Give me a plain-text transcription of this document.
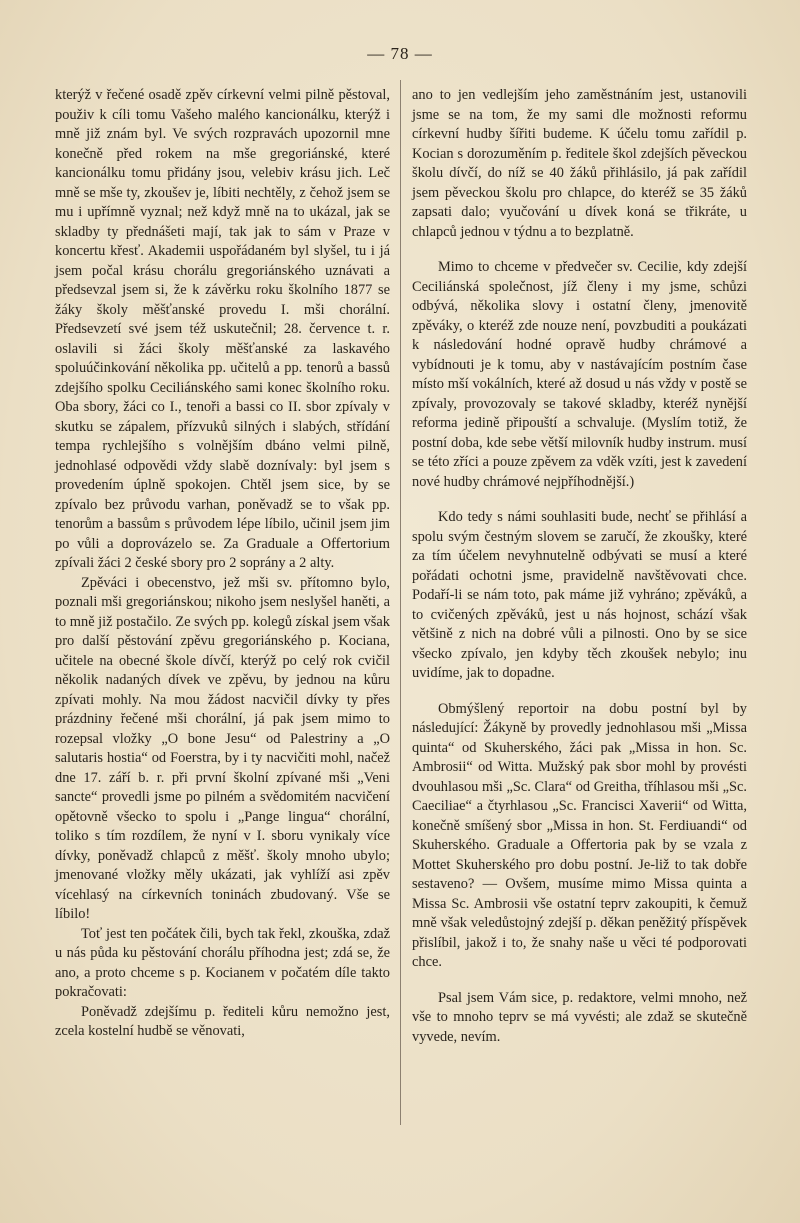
— 78 —

kterýž v řečené osadě zpěv církevní velmi pilně pěstoval, použiv k cíli tomu Vašeho malého kancionálku, kterýž i mně již znám byl. Ve svých rozpravách upozornil mne konečně před rokem na mše gregoriánské, které kancionálku tomu přidány jsou, velebiv krásu jich. Leč mně se mše ty, zkoušev je, líbiti nechtěly, z čehož jsem se mu i upřímně vyznal; než když mně na to ukázal, jak se skladby ty přednášeti mají, tak jak to sám v Praze v koncertu křesť. Akademii uspořádaném byl slyšel, tu i já jsem počal krásu chorálu gregoriánského uznávati a předsevzal jsem si, že k závěrku roku školního 1877 se žáky školy měšťanské provedu I. mši chorální. Předsevzetí své jsem též uskutečnil; 28. července t. r. oslavili si žáci školy měšťanské za laskavého spoluúčinkování několika pp. učitelů a pp. tenorů a bassů zdejšího spolku Ceciliánského sami konec školního roku. Oba sbory, žáci co I., tenoři a bassi co II. sbor zpívaly v skutku se zápalem, přízvuků silných i slabých, střídání tempa rychlejšího s volnějším dbáno velmi pilně, jednohlasé odpovědi vždy slabě doznívaly: byl jsem s provedením úplně spokojen. Chtěl jsem sice, by se zpívalo bez průvodu varhan, poněvadž se to však pp. tenorům a bassům s průvodem lépe líbilo, učinil jsem jim po vůli a doprovázelo se. Za Graduale a Offertorium zpívali žáci 2 české sbory pro 2 soprány a 2 alty.

Zpěváci i obecenstvo, jež mši sv. přítomno bylo, poznali mši gregoriánskou; nikoho jsem neslyšel haněti, a to mně již postačilo. Ze svých pp. kolegů získal jsem však pro další pěstování zpěvu gregoriánského p. Kociana, učitele na obecné škole dívčí, kterýž po celý rok cvičil několik nadaných dívek ve zpěvu, by jednou na kůru zpívati mohly. Na mou žádost nacvičil dívky ty přes prázdniny řečené mši chorální, já pak jsem mimo to rozepsal vložky „O bone Jesu“ od Palestriny a „O salutaris hostia“ od Foerstra, by i ty nacvičiti mohl, načež dne 17. září b. r. při první školní zpívané mši „Veni sancte“ provedli jsme po pilném a svědomitém nacvičení opětovně všecko to spolu i „Pange lingua“ chorální, toliko s tím rozdílem, že nyní v I. sboru vynikaly více dívky, poněvadž chlapců z měšť. školy mnoho ubylo; jmenované vložky měly ukázati, jak vyhlíží asi zpěv vícehlasý na církevních toninách zbudovaný. Vše se líbilo!

Toť jest ten počátek čili, bych tak řekl, zkouška, zdaž u nás půda ku pěstování chorálu příhodna jest; zdá se, že ano, a proto chceme s p. Kocianem v počatém díle takto pokračovati:

Poněvadž zdejšímu p. řediteli kůru nemožno jest, zcela kostelní hudbě se věnovati,

ano to jen vedlejším jeho zaměstnáním jest, ustanovili jsme se na tom, že my sami dle možnosti reformu církevní hudby šířiti budeme. K účelu tomu zařídil p. Kocian s dorozuměním p. ředitele škol zdejších pěveckou školu dívčí, do níž se 40 žáků přihlásilo, já pak zařídil jsem pěveckou školu pro chlapce, do kteréž se 35 žáků zapsati dalo; vyučování u dívek koná se třikráte, u chlapců jednou v týdnu a to bezplatně.

Mimo to chceme v předvečer sv. Cecilie, kdy zdejší Ceciliánská společnost, jíž členy i my jsme, schůzi odbývá, několika slovy i ostatní členy, jmenovitě zpěváky, o kteréž zde nouze není, povzbuditi a poukázati k následování hodné opravě hudby chrámové a vybídnouti je k tomu, aby v nastávajícím postním čase místo mší vokálních, které až dosud u nás vždy v postě se zpívaly, provozovaly se takové skladby, kteréž nynější reforma jedině připouští a schvaluje. (Myslím totiž, že postní doba, kde sebe větší milovník hudby instrum. musí se této zříci a pouze zpěvem za vděk vzíti, jest k zavedení nové hudby chrámové nejpříhodnější.)

Kdo tedy s námi souhlasiti bude, nechť se přihlásí a spolu svým čestným slovem se zaručí, že zkoušky, které za tím účelem nevyhnutelně odbývati se musí a které pořádati ochotni jsme, pravidelně navštěvovati chce. Podaří-li se nám toto, pak máme již vyhráno; zpěváků, a to cvičených zpěváků, jest u nás hojnost, schází však většině z nich na dobré vůli a pilnosti. Ono by se sice všecko zpívalo, jen kdyby těch zkoušek nebylo; inu uvidíme, jak to dopadne.

Obmýšlený reportoir na dobu postní byl by následující: Žákyně by provedly jednohlasou mši „Missa quinta“ od Skuherského, žáci pak „Missa in hon. Sc. Ambrosii“ od Witta. Mužský pak sbor mohl by provésti dvouhlasou mši „Sc. Clara“ od Greitha, tříhlasou mši „Sc. Caeciliae“ a čtyrhlasou „Sc. Francisci Xaverii“ od Witta, konečně smíšený sbor „Missa in hon. St. Ferdiuandi“ od Skuherského. Graduale a Offertoria pak by se vzala z Mottet Skuherského pro dobu postní. Je-liž to tak dobře sestaveno? — Ovšem, musíme mimo Missa quinta a Missa Sc. Ambrosii vše ostatní teprv zakoupiti, k čemuž mně však veledůstojný zdejší p. děkan peněžitý příspěvek přislíbil, jakož i to, že snahy naše u věci té podporovati chce.

Psal jsem Vám sice, p. redaktore, velmi mnoho, než vše to mnoho teprv se má vyvésti; ale zdaž se skutečně vyvede, nevím.
